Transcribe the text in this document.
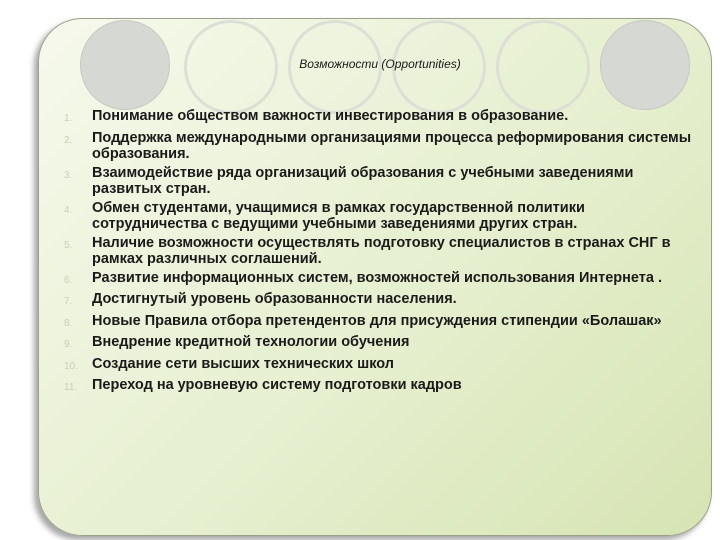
Возможности (Opportunities)
1.	Понимание обществом важности инвестирования в образование.
2.	Поддержка международными организациями процесса реформирования системы образования.
3.	Взаимодействие ряда организаций образования с учебными заведениями развитых стран.
4.	Обмен студентами, учащимися в рамках государственной политики сотрудничества с ведущими учебными заведениями других стран.
5.	Наличие возможности осуществлять подготовку специалистов в странах СНГ в рамках различных соглашений.
6.	Развитие информационных систем, возможностей использования Интернета .
7.	Достигнутый уровень образованности населения.
8.	Новые Правила отбора претендентов для присуждения стипендии «Болашак»
9.	Внедрение кредитной технологии обучения
10. Создание сети высших технических школ
11.	Переход на уровневую систему подготовки кадров
